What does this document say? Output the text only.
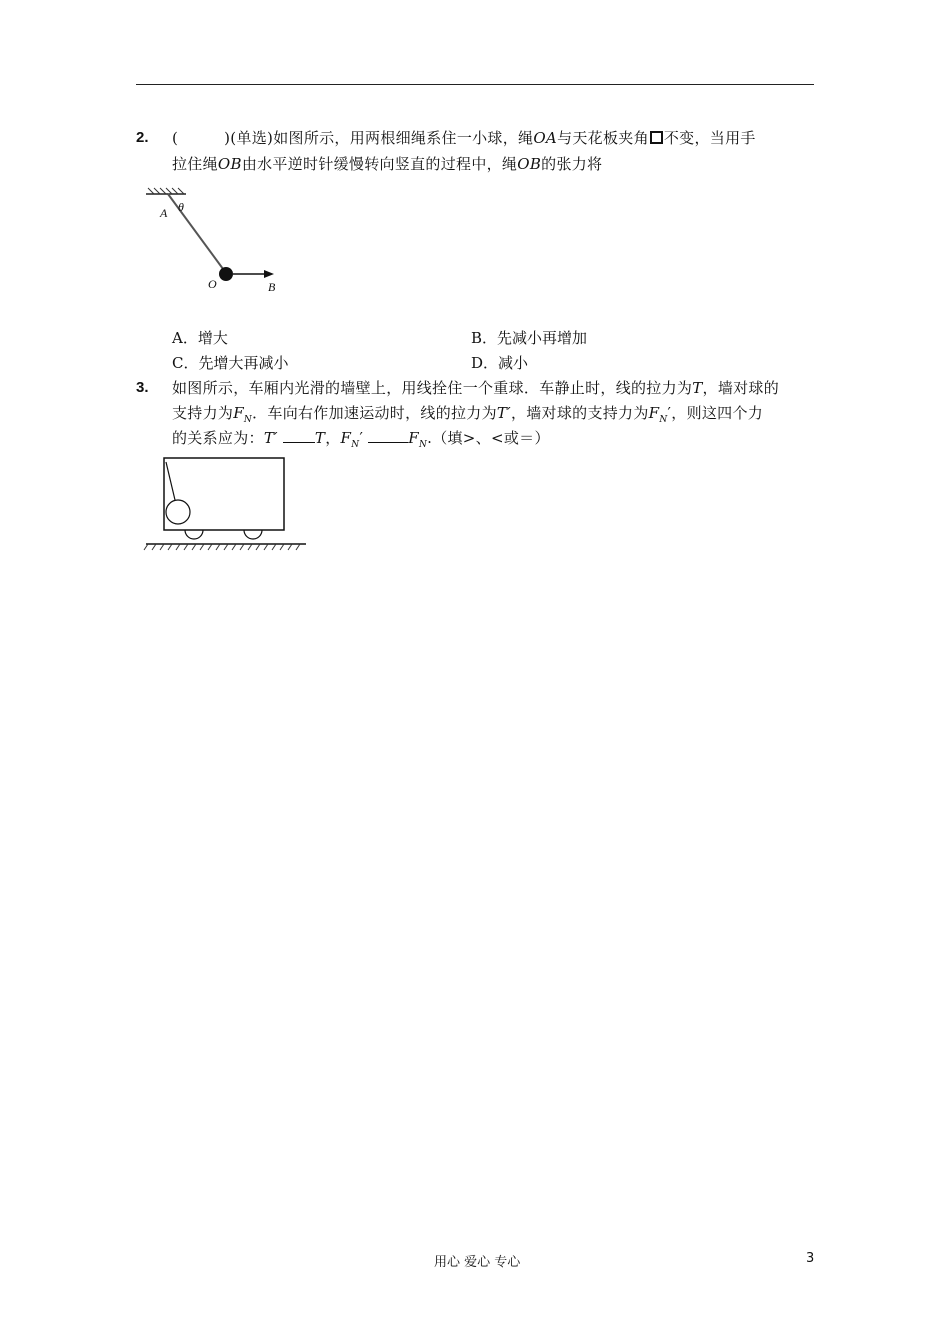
2. (	)(单选)如图所示，用两根细绳系住一小球，绳OA与天花板夹角 不变，当用手
拉住绳OB由水平逆时针缓慢转向竖直的过程中，绳OB的张力将
A θ
O	B
A．增大	B．先减小再增加
C．先增大再减小	D．减小
3. 如图所示，车厢内光滑的墙壁上，用线拴住一个重球．车静止时，线的拉力为T，墙对球的
支持力为$F_N$．车向右作加速运动时，线的拉力为T′，墙对球的支持力为$F_N'$，则这四个力
的关系应为：T′ T，$F_N'$	$F_N$.（填>、<或＝）
用心 爱心 专心	3
